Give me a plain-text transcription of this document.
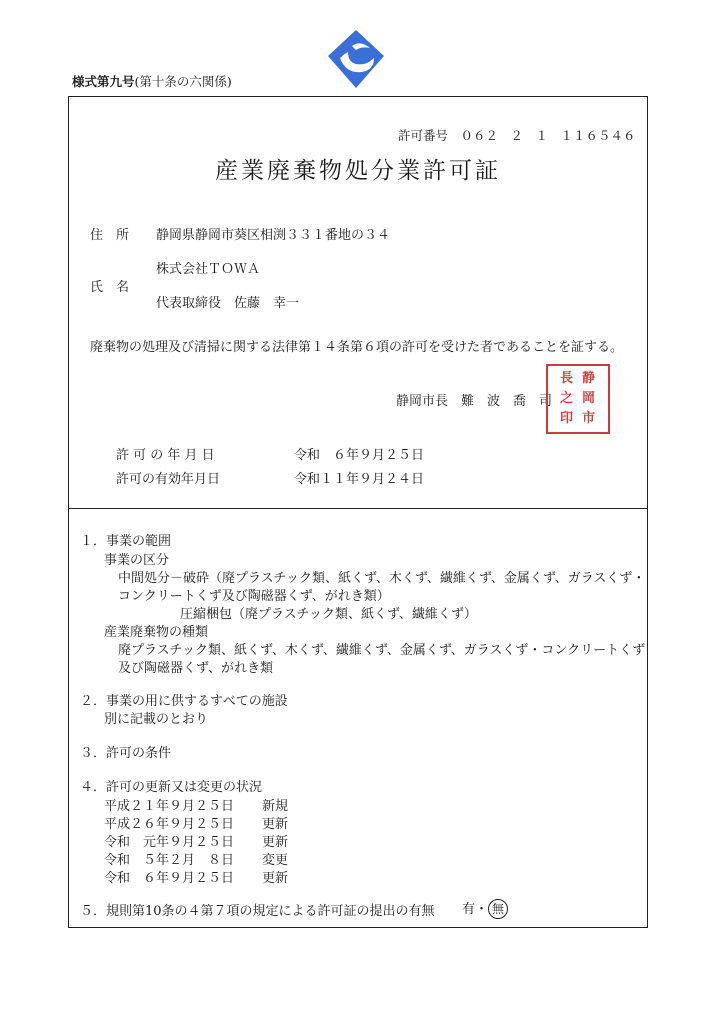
様式第九号(第十条の六関係)
許可番号　０６２　２　１　１１６５４６
産業廃棄物処分業許可証
住　所 静岡県静岡市葵区相渕３３１番地の３４
株式会社ＴＯＷＡ
氏　名
代表取締役　佐藤　幸一
廃棄物の処理及び清掃に関する法律第１４条第６項の許可を受けた者であることを証する。
静岡市長　難　波　喬　司
静
岡
市
長
之
印
許 可 の 年 月 日	令和　６年９月２５日
許可の有効年月日	令和１１年９月２４日
１．事業の範囲
事業の区分
中間処分－破砕（廃プラスチック類、紙くず、木くず、繊維くず、金属くず、ガラスくず・
コンクリートくず及び陶磁器くず、がれき類）
圧縮梱包（廃プラスチック類、紙くず、繊維くず）
産業廃棄物の種類
廃プラスチック類、紙くず、木くず、繊維くず、金属くず、ガラスくず・コンクリートくず
及び陶磁器くず、がれき類
２．事業の用に供するすべての施設
別に記載のとおり
３．許可の条件
４．許可の更新又は変更の状況
平成２１年９月２５日 新規
平成２６年９月２５日 更新
令和　元年９月２５日 更新
令和　５年２月　８日 変更
令和　６年９月２５日 更新
５．規則第10条の４第７項の規定による許可証の提出の有無 有・ 無
